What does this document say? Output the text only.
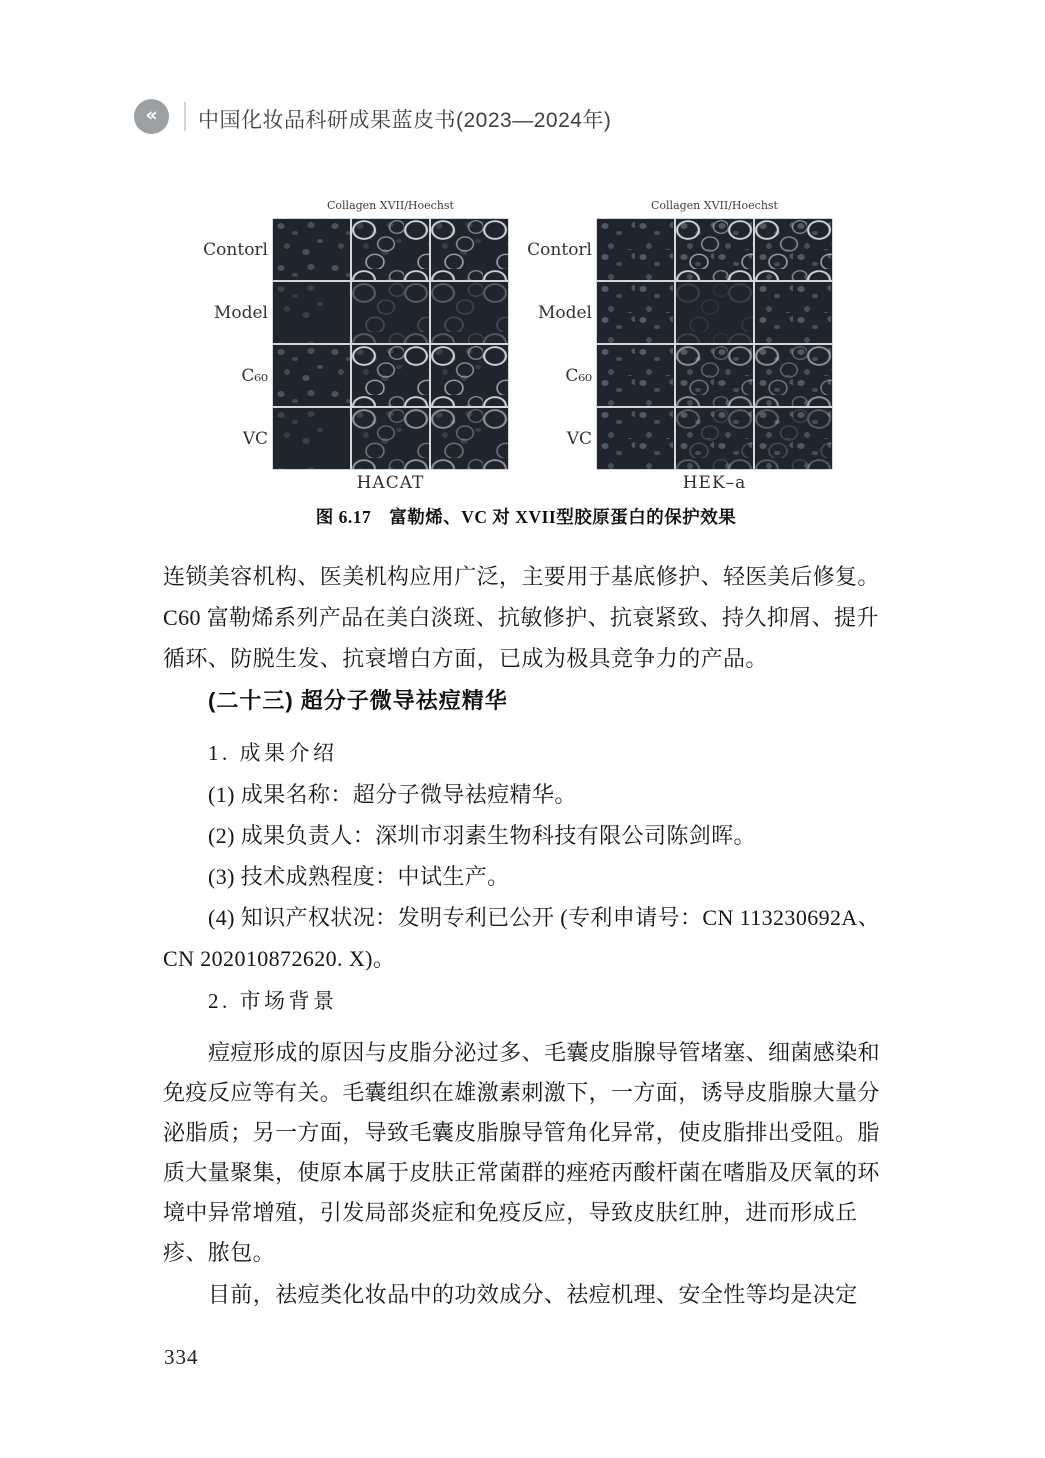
«	中国化妆品科研成果蓝皮书(2023—2024年)
Collagen XVII/Hoechst
Contorl
Model
C₆₀
VC
HACAT
Collagen XVII/Hoechst
Contorl
Model
C₆₀
VC
HEK–a
图 6.17　富勒烯、VC 对 XVII型胶原蛋白的保护效果
连锁美容机构、医美机构应用广泛，主要用于基底修护、轻医美后修复。
C60 富勒烯系列产品在美白淡斑、抗敏修护、抗衰紧致、持久抑屑、提升
循环、防脱生发、抗衰增白方面，已成为极具竞争力的产品。
(二十三) 超分子微导祛痘精华
1. 成果介绍
(1) 成果名称：超分子微导祛痘精华。
(2) 成果负责人：深圳市羽素生物科技有限公司陈剑晖。
(3) 技术成熟程度：中试生产。
(4) 知识产权状况：发明专利已公开 (专利申请号：CN 113230692A、
CN 202010872620. X)。
2. 市场背景
痘痘形成的原因与皮脂分泌过多、毛囊皮脂腺导管堵塞、细菌感染和
免疫反应等有关。毛囊组织在雄激素刺激下，一方面，诱导皮脂腺大量分
泌脂质；另一方面，导致毛囊皮脂腺导管角化异常，使皮脂排出受阻。脂
质大量聚集，使原本属于皮肤正常菌群的痤疮丙酸杆菌在嗜脂及厌氧的环
境中异常增殖，引发局部炎症和免疫反应，导致皮肤红肿，进而形成丘
疹、脓包。
目前，祛痘类化妆品中的功效成分、祛痘机理、安全性等均是决定
334
